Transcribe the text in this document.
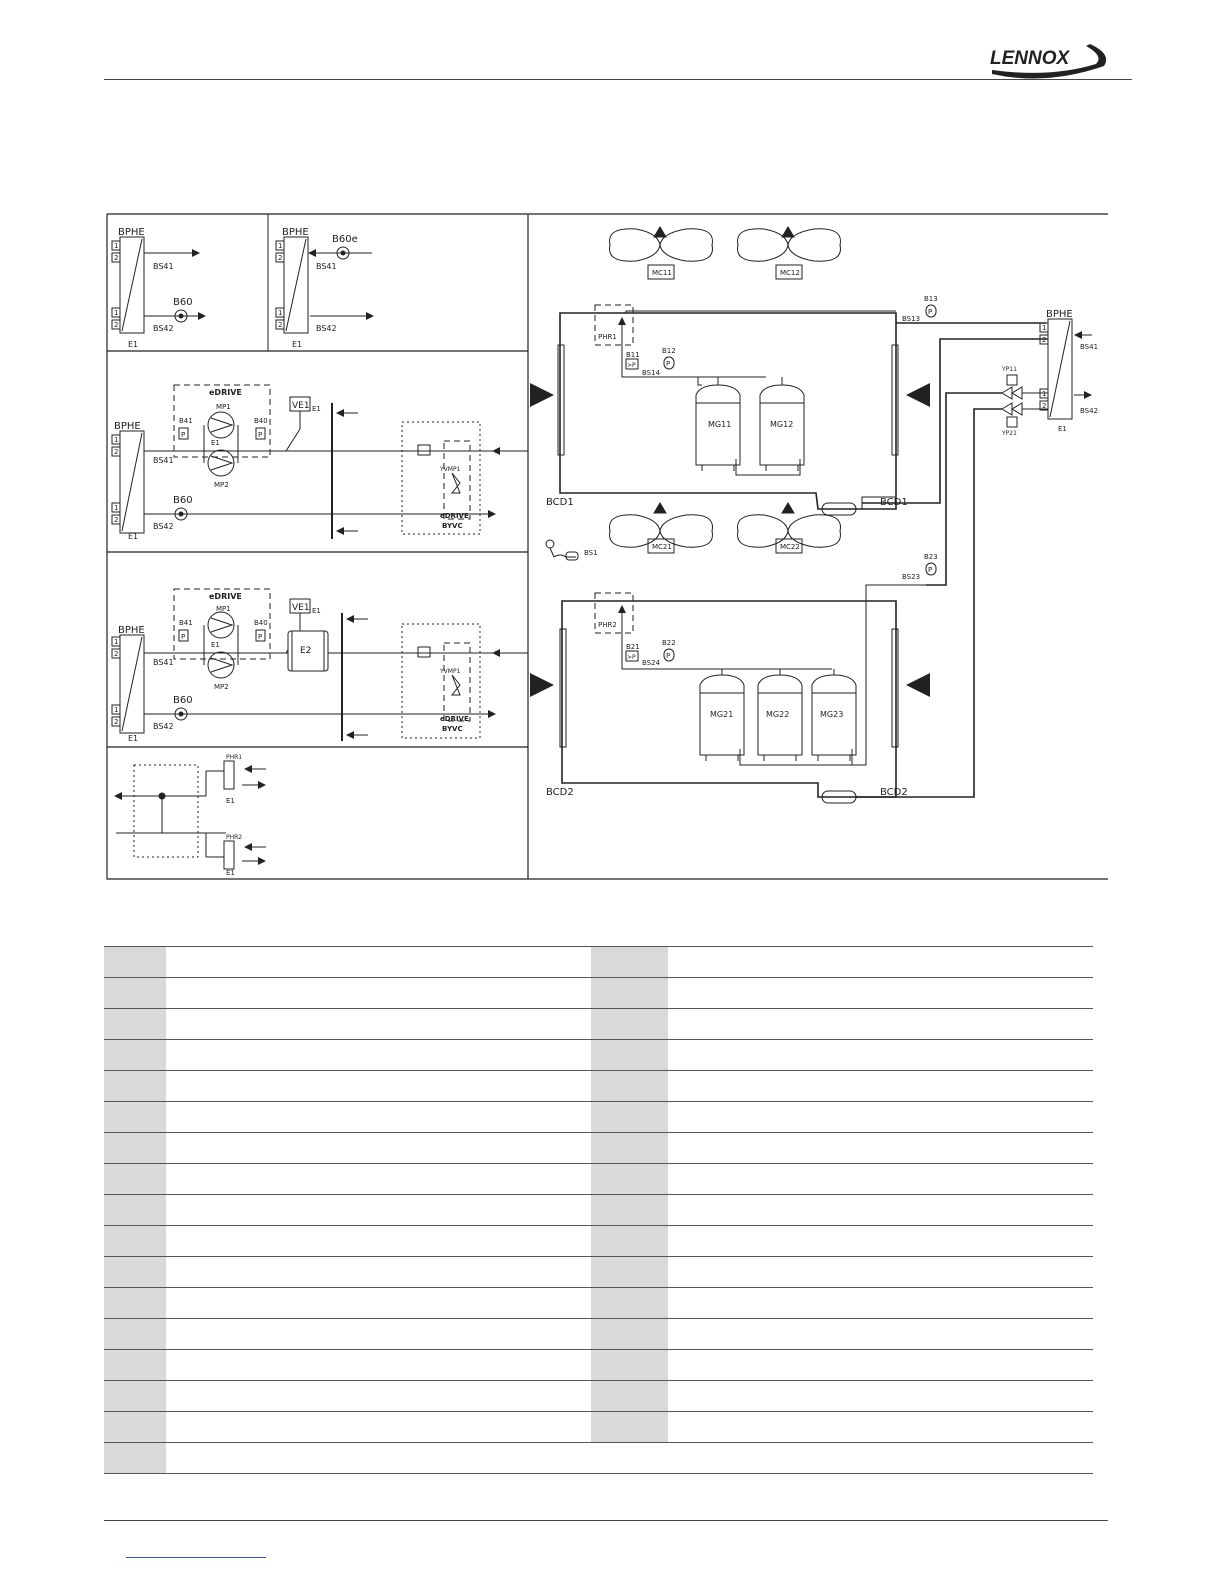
LENNOX
BPHE
1
2
1
2
BS41
BS42
B60
E1
BPHE
1
2
1
2
B60e
BS41
BS42
E1
BPHE
1
2
1
2
BS41
BS42
E1
eDRIVE
MP1
MP2
E1
P
B41
P
B40
VE1 E1
B60
YVMP1
eDRIVE
BYVC
BPHE
1
2
1
2
BS41
BS42
E1
eDRIVE
MP1
MP2
E1
P
B41
P
B40
VE1 E1
E2
B60
YVMP1
eDRIVE
BYVC
PHR1
PHR2
E1
E1
MC11	MC12
BCD1	BCD1
PHR1
>P
B11
BS14
P
B12
MG11	MG12
P
B13
BS13
BS1
MC21	MC22
BCD2	BCD2
PHR2
>P
B21
BS24
P
B22
MG21	MG22	MG23
P
B23
BS23
YP11
YP21
BPHE
1
2
1
2
BS41
BS42
E1
